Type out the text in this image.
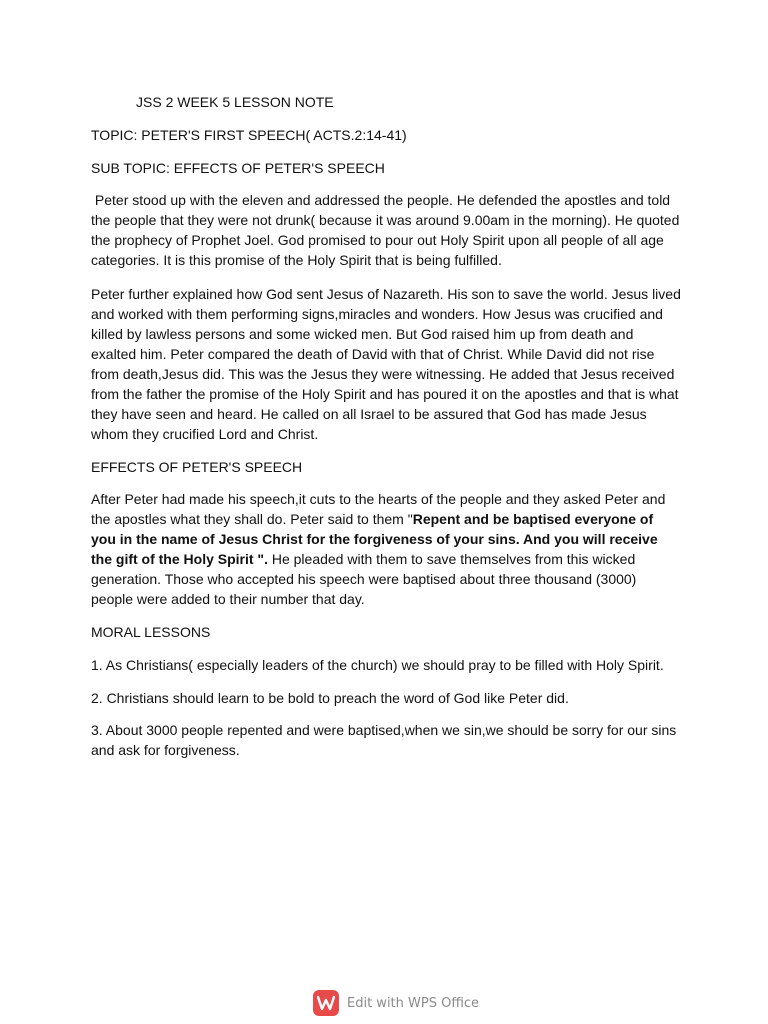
JSS 2 WEEK 5 LESSON NOTE
TOPIC: PETER'S FIRST SPEECH( ACTS.2:14-41)
SUB TOPIC: EFFECTS OF PETER'S SPEECH

Peter stood up with the eleven and addressed the people. He defended the apostles and told the people that they were not drunk( because it was around 9.00am in the morning). He quoted the prophecy of Prophet Joel. God promised to pour out Holy Spirit upon all people of all age categories. It is this promise of the Holy Spirit that is being fulfilled.

Peter further explained how God sent Jesus of Nazareth. His son to save the world. Jesus lived and worked with them performing signs,miracles and wonders. How Jesus was crucified and killed by lawless persons and some wicked men. But God raised him up from death and exalted him. Peter compared the death of David with that of Christ. While David did not rise from death,Jesus did. This was the Jesus they were witnessing. He added that Jesus received from the father the promise of the Holy Spirit and has poured it on the apostles and that is what they have seen and heard. He called on all Israel to be assured that God has made Jesus whom they crucified Lord and Christ.

EFFECTS OF PETER'S SPEECH

After Peter had made his speech,it cuts to the hearts of the people and they asked Peter and the apostles what they shall do. Peter said to them "Repent and be baptised everyone of you in the name of Jesus Christ for the forgiveness of your sins. And you will receive the gift of the Holy Spirit ". He pleaded with them to save themselves from this wicked generation. Those who accepted his speech were baptised about three thousand (3000) people were added to their number that day.

MORAL LESSONS
1. As Christians( especially leaders of the church) we should pray to be filled with Holy Spirit.
2. Christians should learn to be bold to preach the word of God like Peter did.

3. About 3000 people repented and were baptised,when we sin,we should be sorry for our sins and ask for forgiveness.

Edit with WPS Office
